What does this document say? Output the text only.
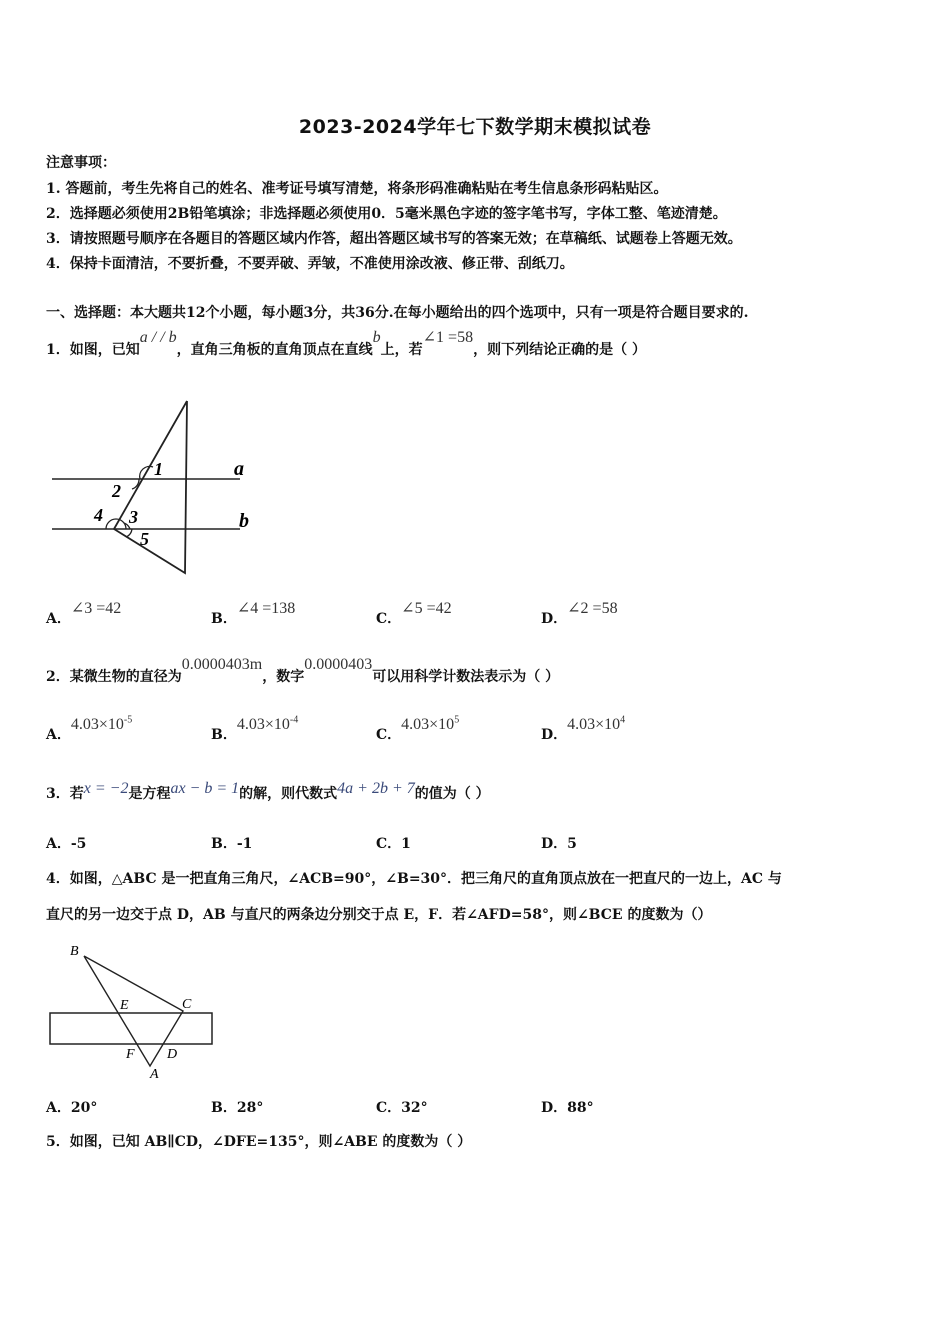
2023-2024学年七下数学期末模拟试卷
注意事项：
1. 答题前，考生先将自己的姓名、准考证号填写清楚，将条形码准确粘贴在考生信息条形码粘贴区。
2．选择题必须使用2B铅笔填涂；非选择题必须使用0．5毫米黑色字迹的签字笔书写，字体工整、笔迹清楚。
3．请按照题号顺序在各题目的答题区域内作答，超出答题区域书写的答案无效；在草稿纸、试题卷上答题无效。
4．保持卡面清洁，不要折叠，不要弄破、弄皱，不准使用涂改液、修正带、刮纸刀。
一、选择题：本大题共12个小题，每小题3分，共36分.在每小题给出的四个选项中，只有一项是符合题目要求的.
1．如图，已知a / / b，直角三角板的直角顶点在直线b上，若∠1 =58，则下列结论正确的是（ ）
1
2
3
4
5
a
b
A．∠3 =42
B．∠4 =138
C．∠5 =42
D．∠2 =58
2．某微生物的直径为0.0000403m，数字0.0000403可以用科学计数法表示为（ ）
A．$4.03\times 10^{-5}$
B．$4.03\times 10^{-4}$
C．$4.03\times 10^5$
D．$4.03\times 10^4$
3．若x = −2是方程ax − b = 1的解，则代数式4a + 2b + 7的值为（ ）
A．-5	B．-1	C．1	D．5
4．如图，△ABC 是一把直角三角尺，∠ACB=90°，∠B=30°．把三角尺的直角顶点放在一把直尺的一边上，AC 与
直尺的另一边交于点 D，AB 与直尺的两条边分别交于点 E，F．若∠AFD=58°，则∠BCE 的度数为（）
B
E	C
F D
A
A．20°	B．28°	C．32°	D．88°
5．如图，已知 AB∥CD，∠DFE=135°，则∠ABE 的度数为（ ）
